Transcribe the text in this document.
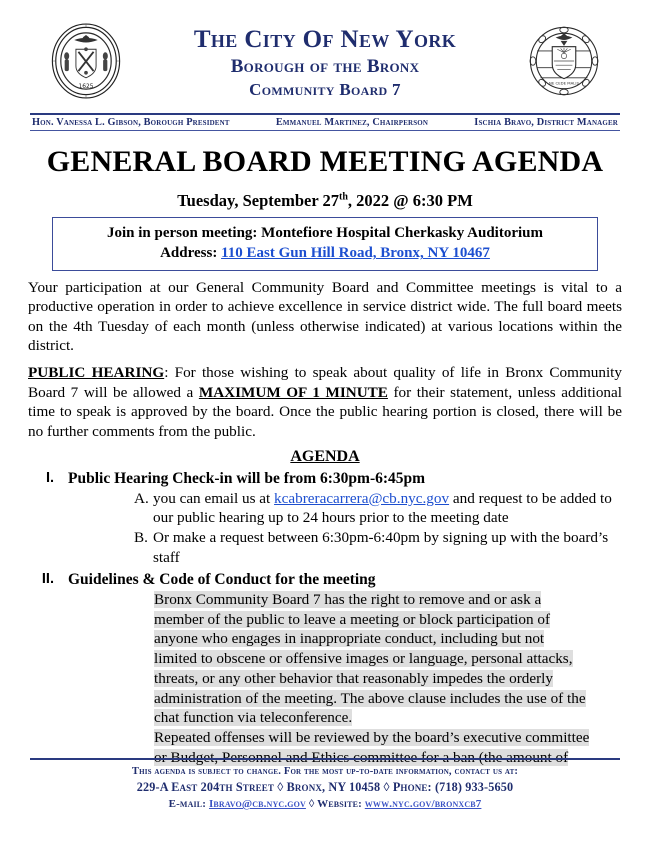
1625
The City Of New York
Borough of the Bronx
Community Board 7	NE CEDE MALIS
Hon. Vanessa L. Gibson, Borough President	Emmanuel Martinez, Chairperson	Ischia Bravo, District Manager
GENERAL BOARD MEETING AGENDA
Tuesday, September 27th, 2022 @ 6:30 PM
Join in person meeting: Montefiore Hospital Cherkasky Auditorium
Address: 110 East Gun Hill Road, Bronx, NY 10467

Your participation at our General Community Board and Committee meetings is vital to a productive operation in order to achieve excellence in service district wide. The full board meets on the 4th Tuesday of each month (unless otherwise indicated) at various locations within the district.

PUBLIC HEARING: For those wishing to speak about quality of life in Bronx Community Board 7 will be allowed a MAXIMUM OF 1 MINUTE for their statement, unless additional time to speak is approved by the board. Once the public hearing portion is closed, there will be no further comments from the public.

AGENDA
I. Public Hearing Check-in will be from 6:30pm-6:45pm
A. you can email us at kcabreracarrera@cb.nyc.gov and request to be added to our public hearing up to 24 hours prior to the meeting date
B. Or make a request between 6:30pm-6:40pm by signing up with the board’s staff
II. Guidelines & Code of Conduct for the meeting
Bronx Community Board 7 has the right to remove and or ask a
member of the public to leave a meeting or block participation of
anyone who engages in inappropriate conduct, including but not
limited to obscene or offensive images or language, personal attacks,
threats, or any other behavior that reasonably impedes the orderly
administration of the meeting. The above clause includes the use of the
chat function via teleconference.
Repeated offenses will be reviewed by the board’s executive committee
or Budget, Personnel and Ethics committee for a ban (the amount of
This agenda is subject to change. For the most up-to-date information, contact us at:
229-A East 204th Street ◊ Bronx, NY 10458 ◊ Phone: (718) 933-5650
E-mail: Ibravo@cb.nyc.gov ◊ Website: www.nyc.gov/bronxcb7
